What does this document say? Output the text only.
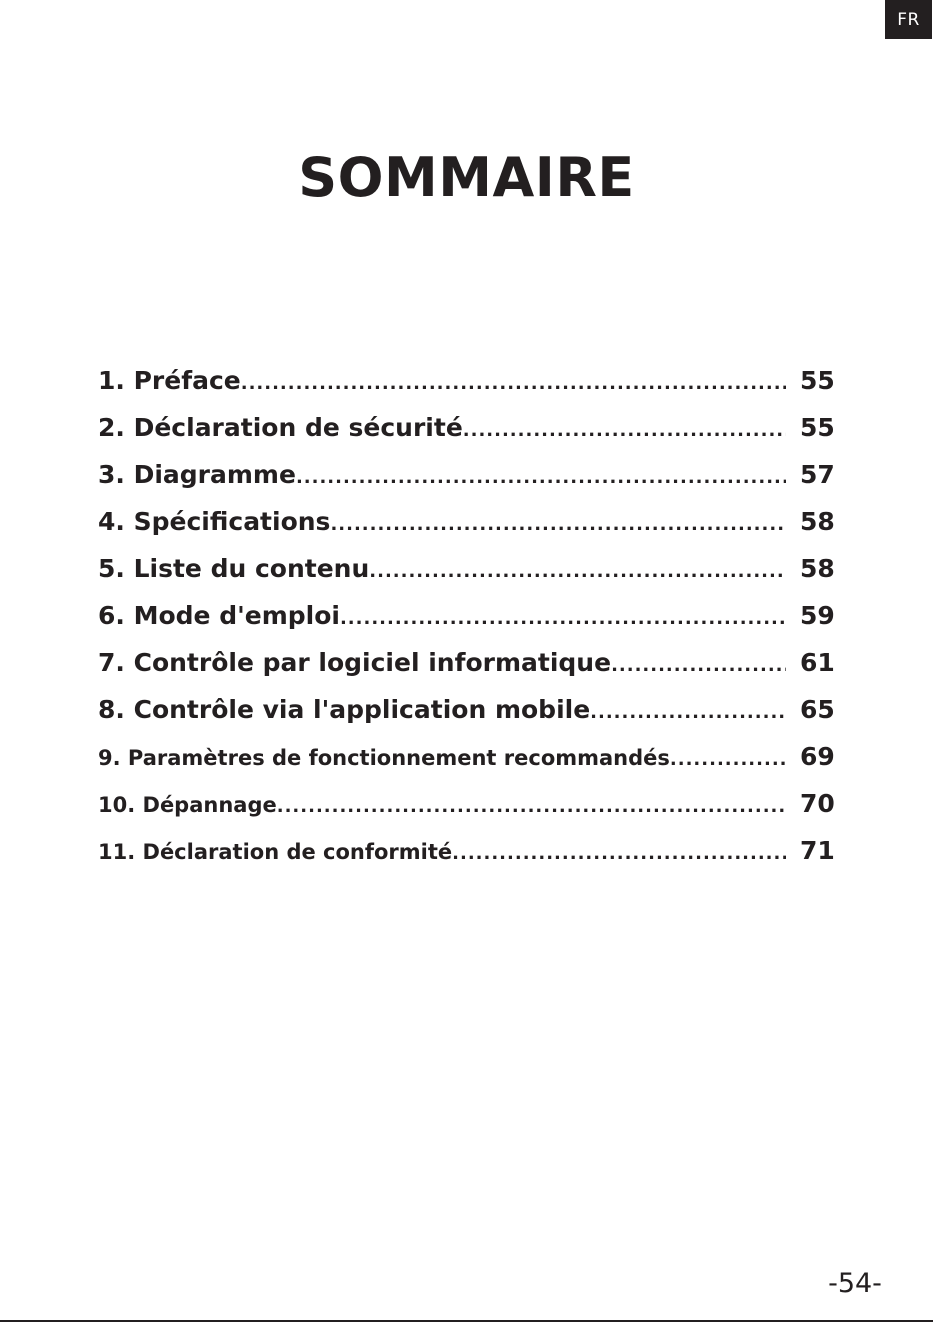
FR
SOMMAIRE
1. Préface .....	55
2. Déclaration de sécurité .....	55
3. Diagramme .....	57
4. Spécifications .....	58
5. Liste du contenu .....	58
6. Mode d'emploi .....	59
7. Contrôle par logiciel informatique .....	61
8. Contrôle via l'application mobile .....	65
9. Paramètres de fonctionnement recommandés .....	69
10. Dépannage .....	70
11. Déclaration de conformité .....	71
-54-
